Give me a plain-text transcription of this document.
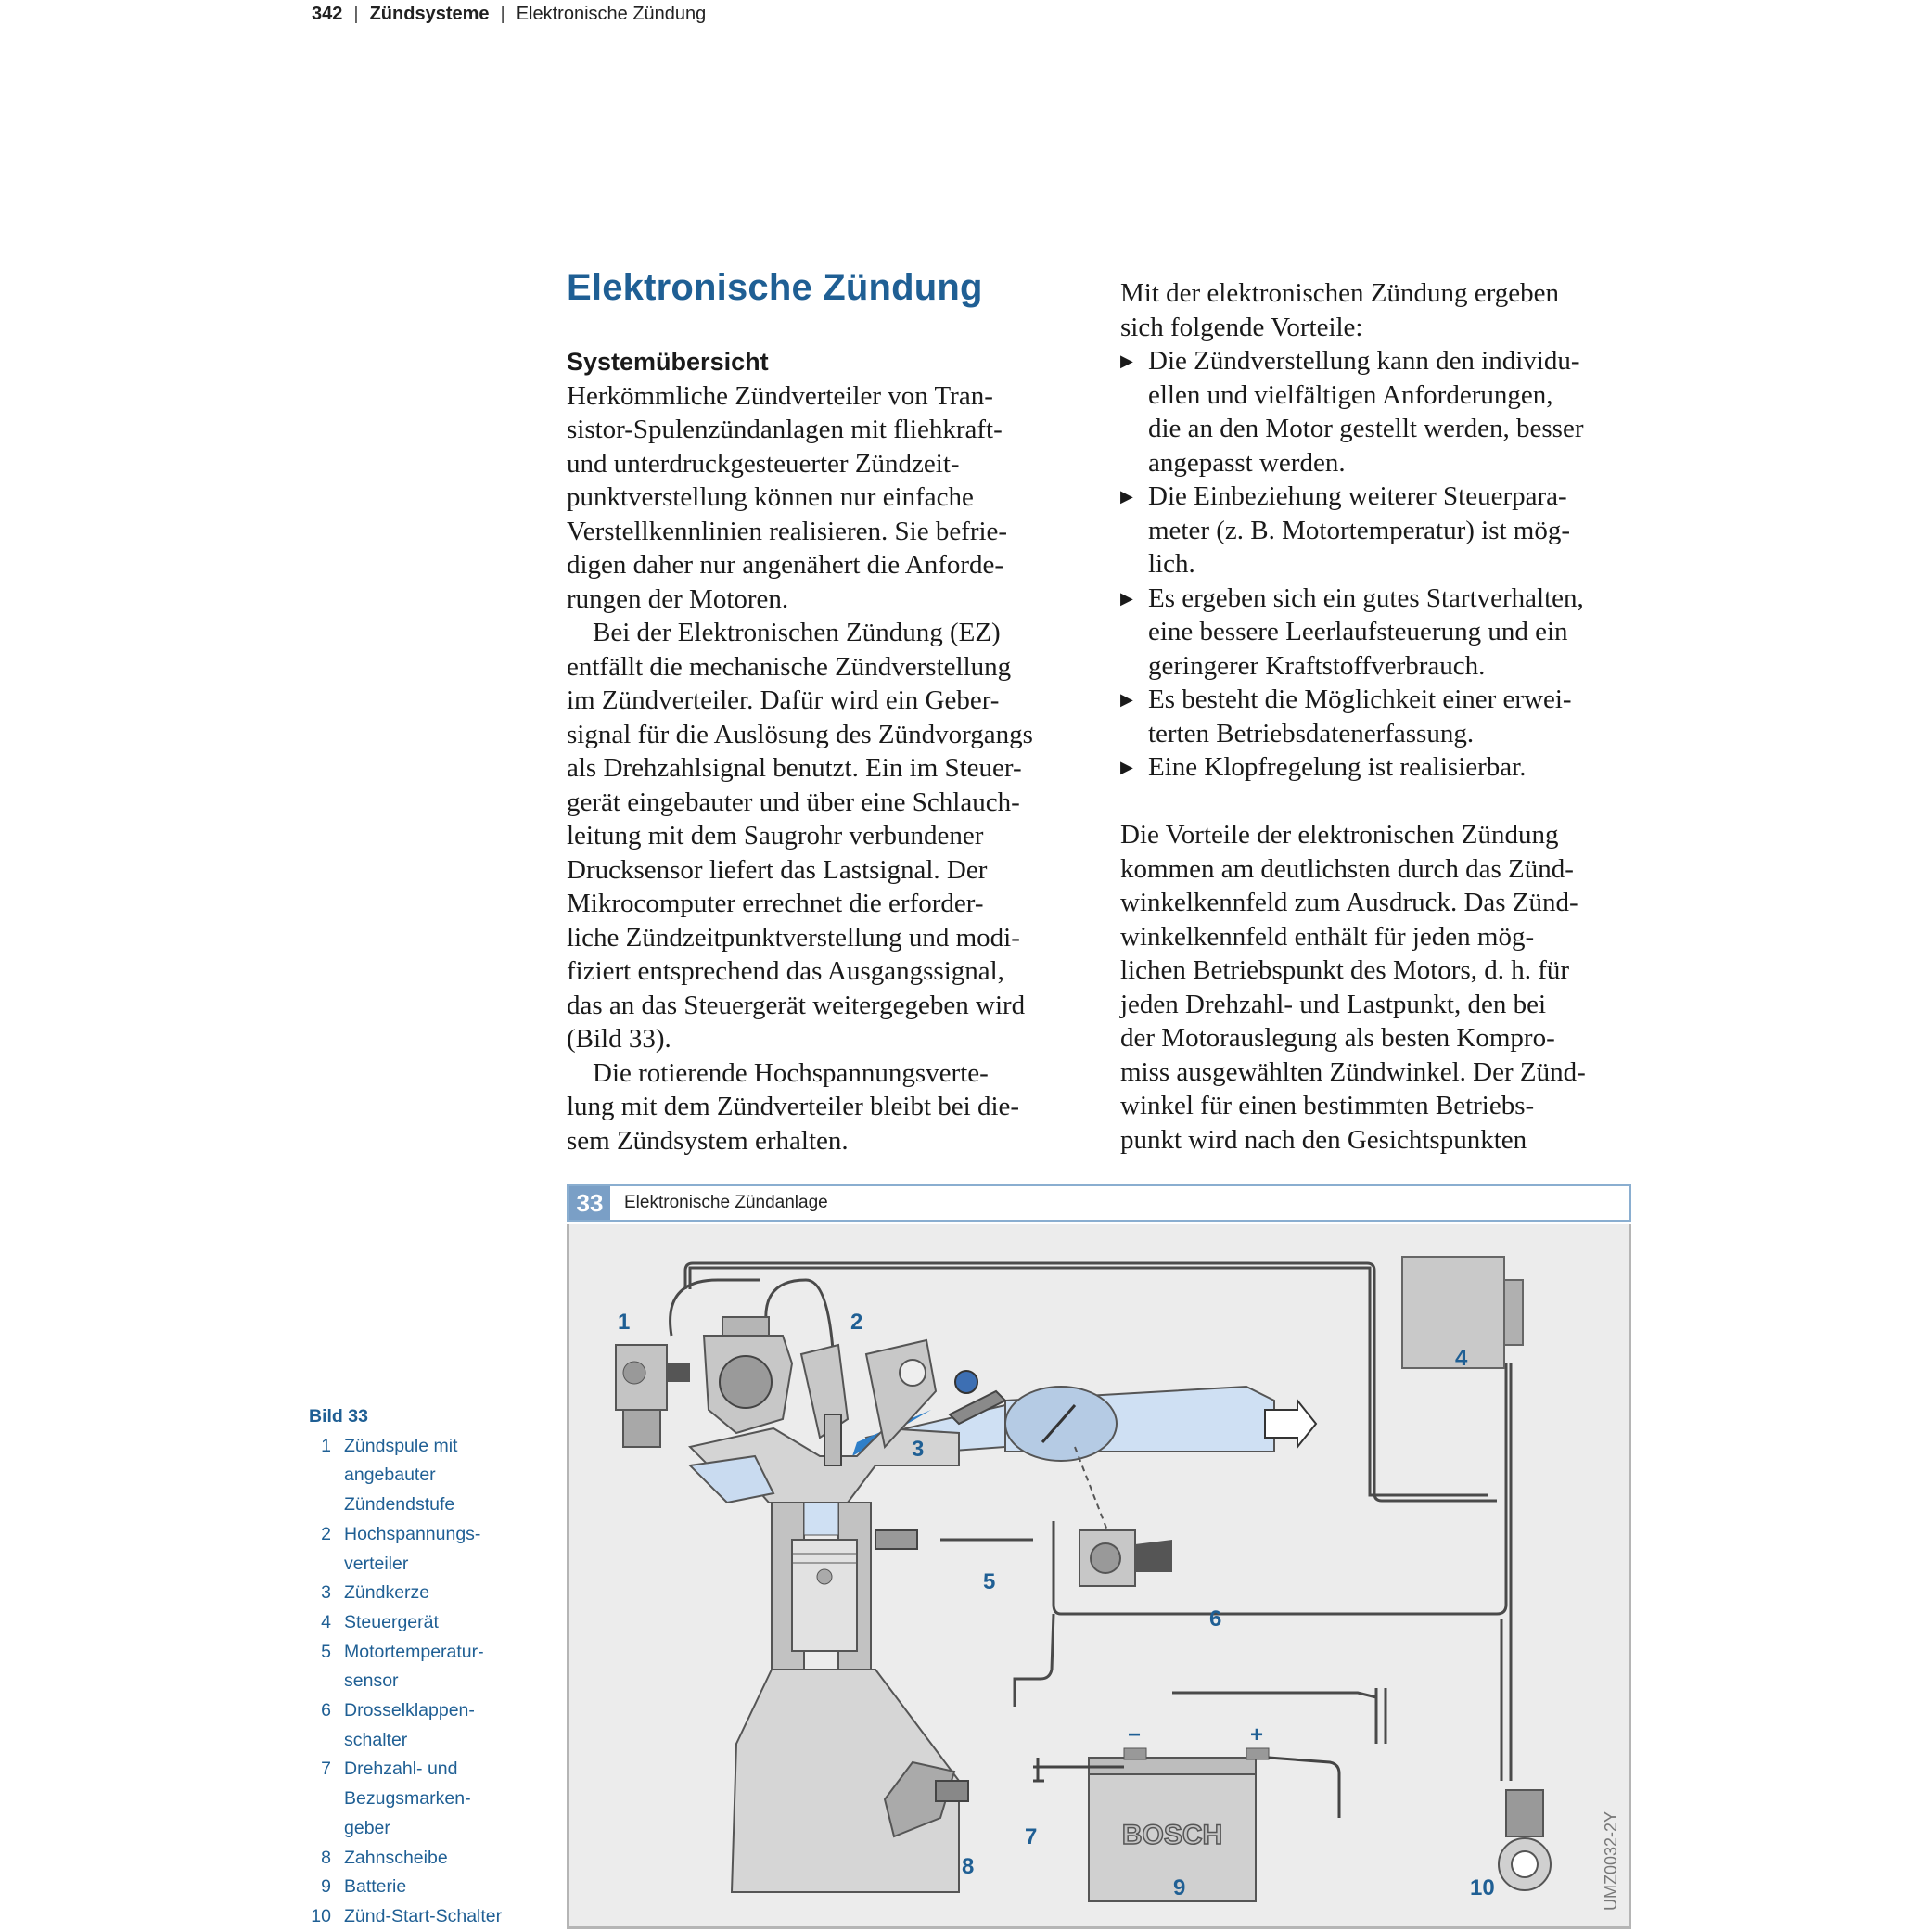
342 | Zündsysteme | Elektronische Zündung
Elektronische Zündung
Systemübersicht
Herkömmliche Zündverteiler von Tran-
sistor-Spulenzündanlagen mit fliehkraft-
und unterdruckgesteuerter Zündzeit-
punktverstellung können nur einfache
Verstellkennlinien realisieren. Sie befrie-
digen daher nur angenähert die Anforde-
rungen der Motoren.
Bei der Elektronischen Zündung (EZ)
entfällt die mechanische Zündverstellung
im Zündverteiler. Dafür wird ein Geber-
signal für die Auslösung des Zündvorgangs
als Drehzahlsignal benutzt. Ein im Steuer-
gerät eingebauter und über eine Schlauch-
leitung mit dem Saugrohr verbundener
Drucksensor liefert das Lastsignal. Der
Mikrocomputer errechnet die erforder-
liche Zündzeitpunktverstellung und modi-
fiziert entsprechend das Ausgangssignal,
das an das Steuergerät weitergegeben wird
(Bild 33).
Die rotierende Hochspannungsverte-
lung mit dem Zündverteiler bleibt bei die-
sem Zündsystem erhalten.
Mit der elektronischen Zündung ergeben
sich folgende Vorteile:
▶ Die Zündverstellung kann den individu-
ellen und vielfältigen Anforderungen,
die an den Motor gestellt werden, besser
angepasst werden.
▶ Die Einbeziehung weiterer Steuerpara-
meter (z. B. Motortemperatur) ist mög-
lich.
▶ Es ergeben sich ein gutes Startverhalten,
eine bessere Leerlaufsteuerung und ein
geringerer Kraftstoffverbrauch.
▶ Es besteht die Möglichkeit einer erwei-
terten Betriebsdatenerfassung.
▶ Eine Klopfregelung ist realisierbar.
Die Vorteile der elektronischen Zündung
kommen am deutlichsten durch das Zünd-
winkelkennfeld zum Ausdruck. Das Zünd-
winkelkennfeld enthält für jeden mög-
lichen Betriebspunkt des Motors, d. h. für
jeden Drehzahl- und Lastpunkt, den bei
der Motorauslegung als besten Kompro-
miss ausgewählten Zündwinkel. Der Zünd-
winkel für einen bestimmten Betriebs-
punkt wird nach den Gesichtspunkten
33	Elektronische Zündanlage
BOSCH
−	+
1	2
3
4
5
6
7
8
9	10	UMZ0032-2Y
Bild 33
1 Zündspule mit
angebauter
Zündendstufe
2 Hochspannungs-
verteiler
3 Zündkerze
4 Steuergerät
5 Motortemperatur-
sensor
6 Drosselklappen-
schalter
7 Drehzahl- und
Bezugsmarken-
geber
8 Zahnscheibe
9 Batterie
10 Zünd-Start-Schalter
